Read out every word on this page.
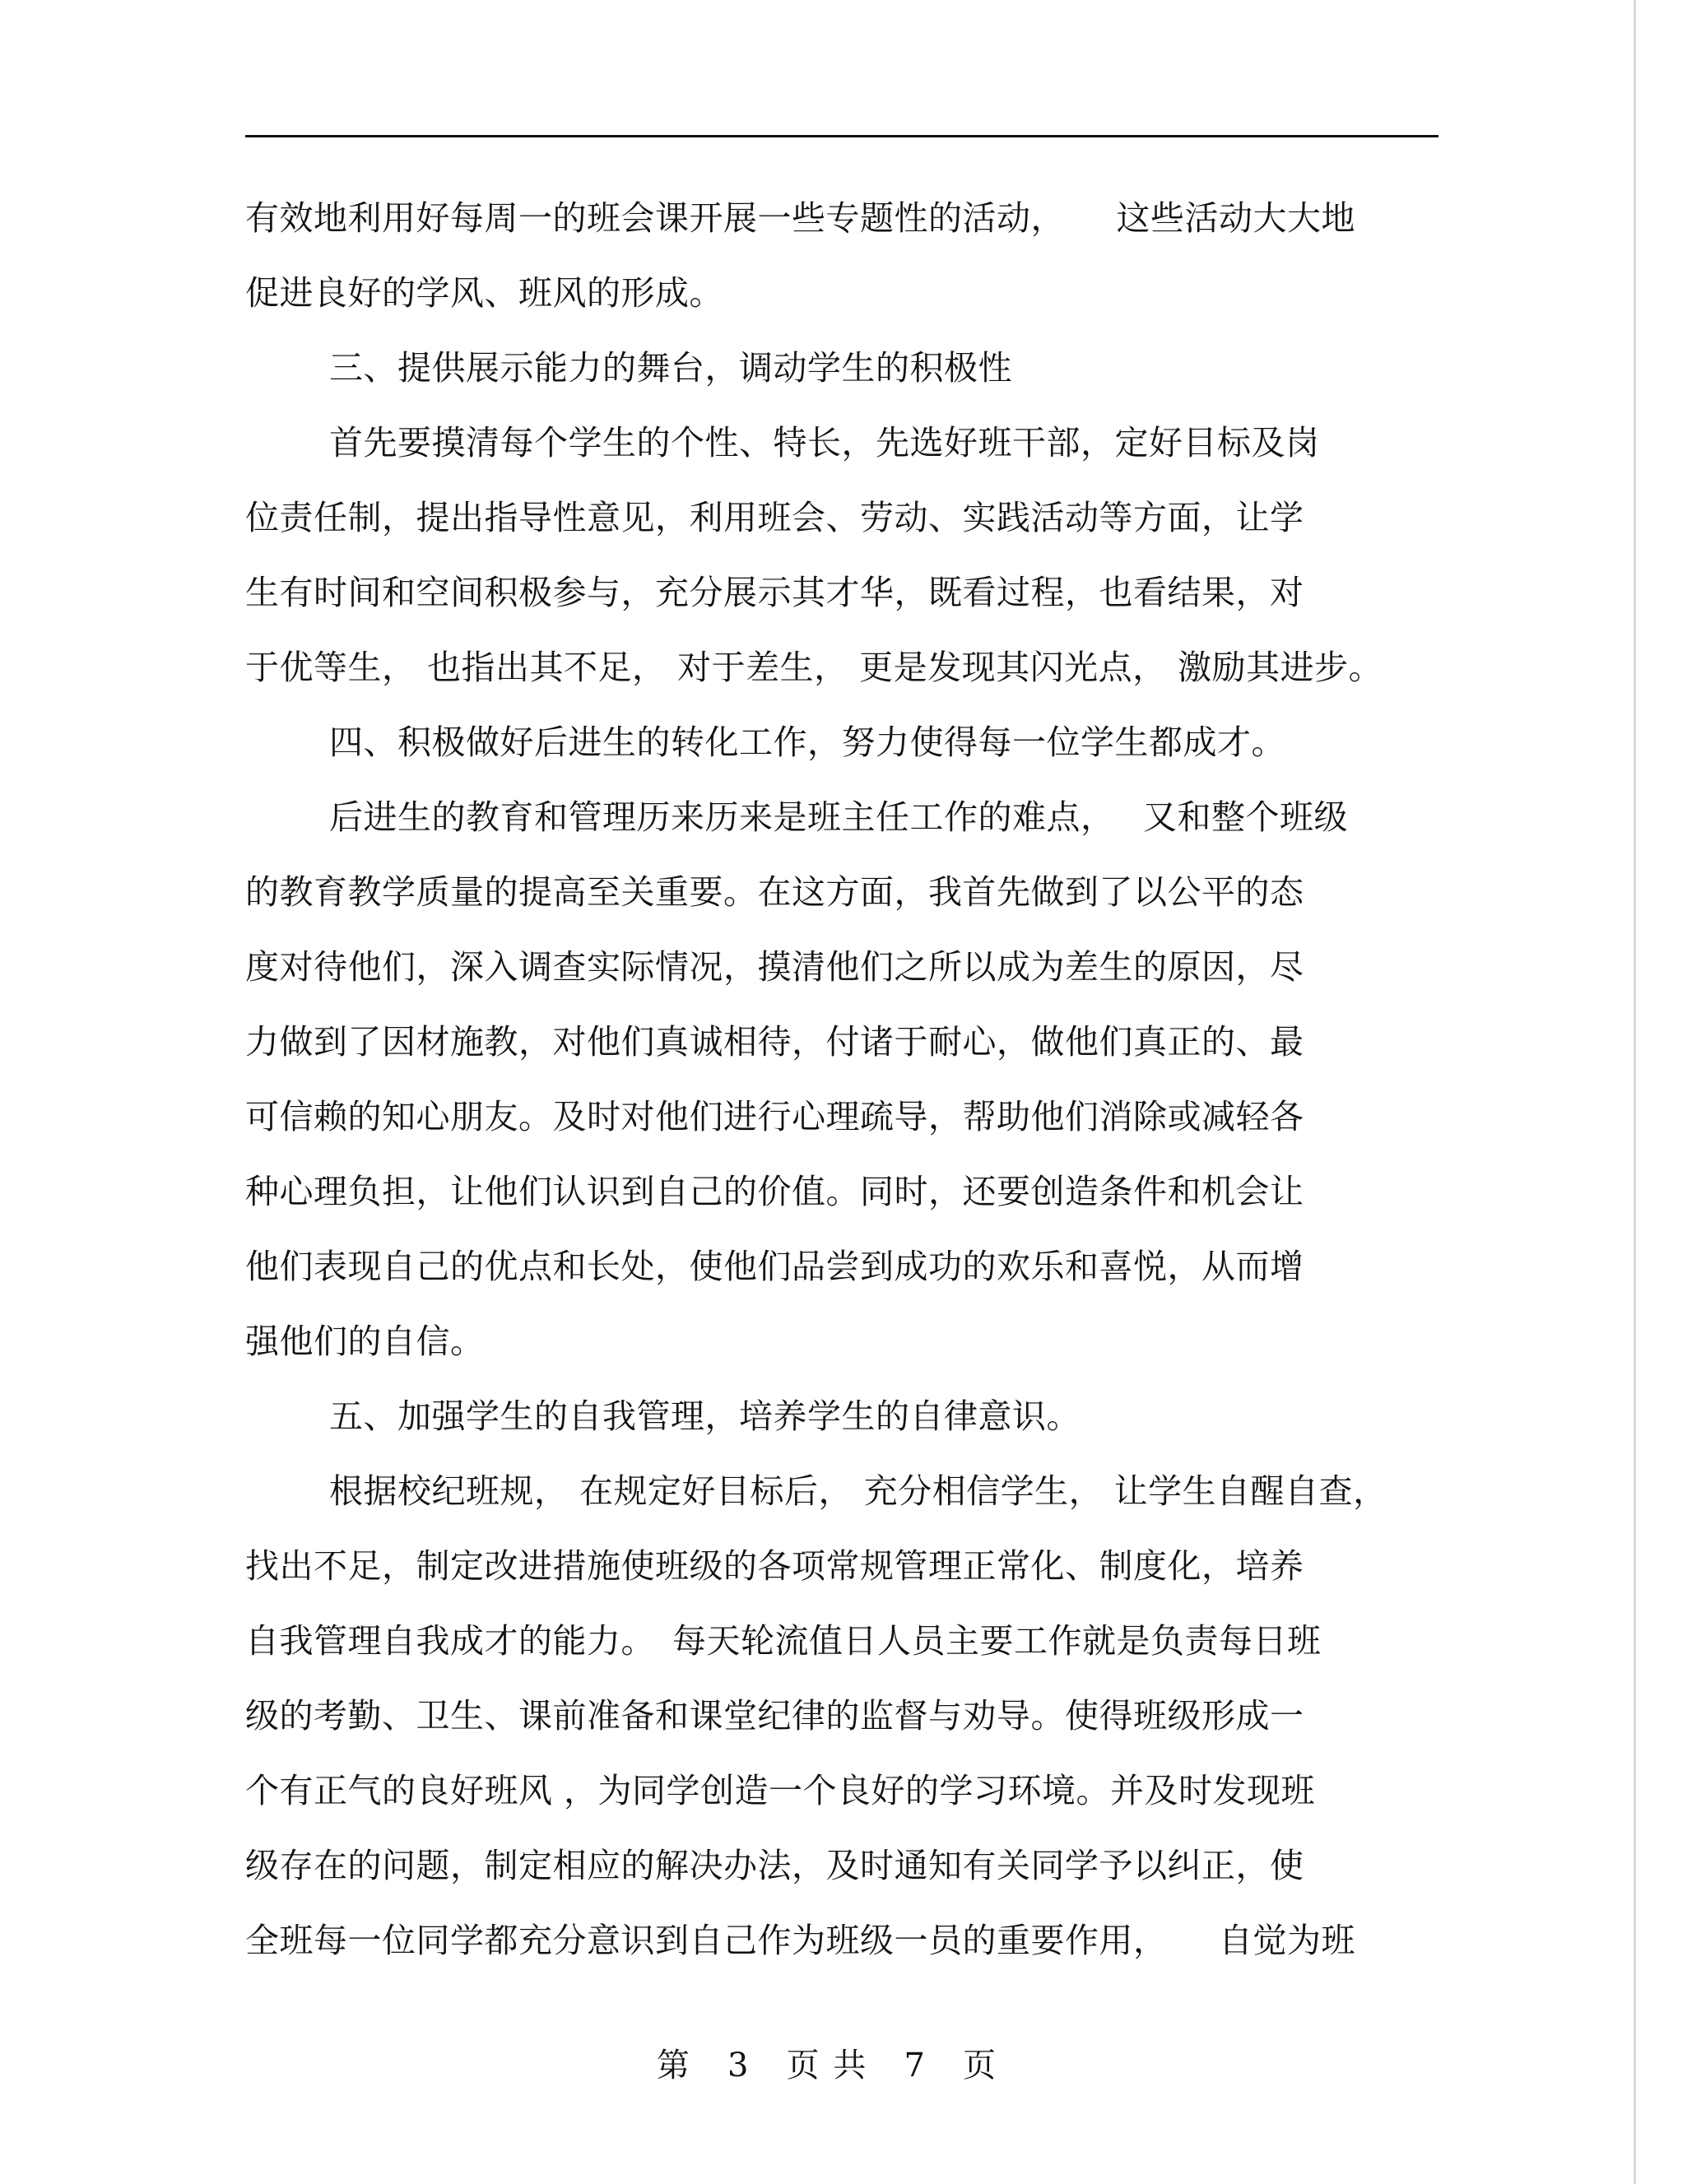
有效地利用好每周一的班会课开展一些专题性的活动，　　这些活动大大地
促进良好的学风、班风的形成。
三、提供展示能力的舞台，调动学生的积极性
首先要摸清每个学生的个性、特长，先选好班干部，定好目标及岗
位责任制，提出指导性意见，利用班会、劳动、实践活动等方面，让学
生有时间和空间积极参与，充分展示其才华，既看过程，也看结果，对
于优等生， 也指出其不足， 对于差生， 更是发现其闪光点， 激励其进步。
四、积极做好后进生的转化工作，努力使得每一位学生都成才。
后进生的教育和管理历来历来是班主任工作的难点，　 又和整个班级
的教育教学质量的提高至关重要。在这方面，我首先做到了以公平的态
度对待他们，深入调查实际情况，摸清他们之所以成为差生的原因，尽
力做到了因材施教，对他们真诚相待，付诸于耐心，做他们真正的、最
可信赖的知心朋友。及时对他们进行心理疏导，帮助他们消除或减轻各
种心理负担，让他们认识到自己的价值。同时，还要创造条件和机会让
他们表现自己的优点和长处，使他们品尝到成功的欢乐和喜悦，从而增
强他们的自信。
五、加强学生的自我管理，培养学生的自律意识。
根据校纪班规， 在规定好目标后， 充分相信学生， 让学生自醒自查，
找出不足，制定改进措施使班级的各项常规管理正常化、制度化，培养
自我管理自我成才的能力。　每天轮流值日人员主要工作就是负责每日班
级的考勤、卫生、课前准备和课堂纪律的监督与劝导。使得班级形成一
个有正气的良好班风 ，为同学创造一个良好的学习环境。并及时发现班
级存在的问题，制定相应的解决办法，及时通知有关同学予以纠正，使
全班每一位同学都充分意识到自己作为班级一员的重要作用，　　自觉为班
第 3 页 共 7 页
